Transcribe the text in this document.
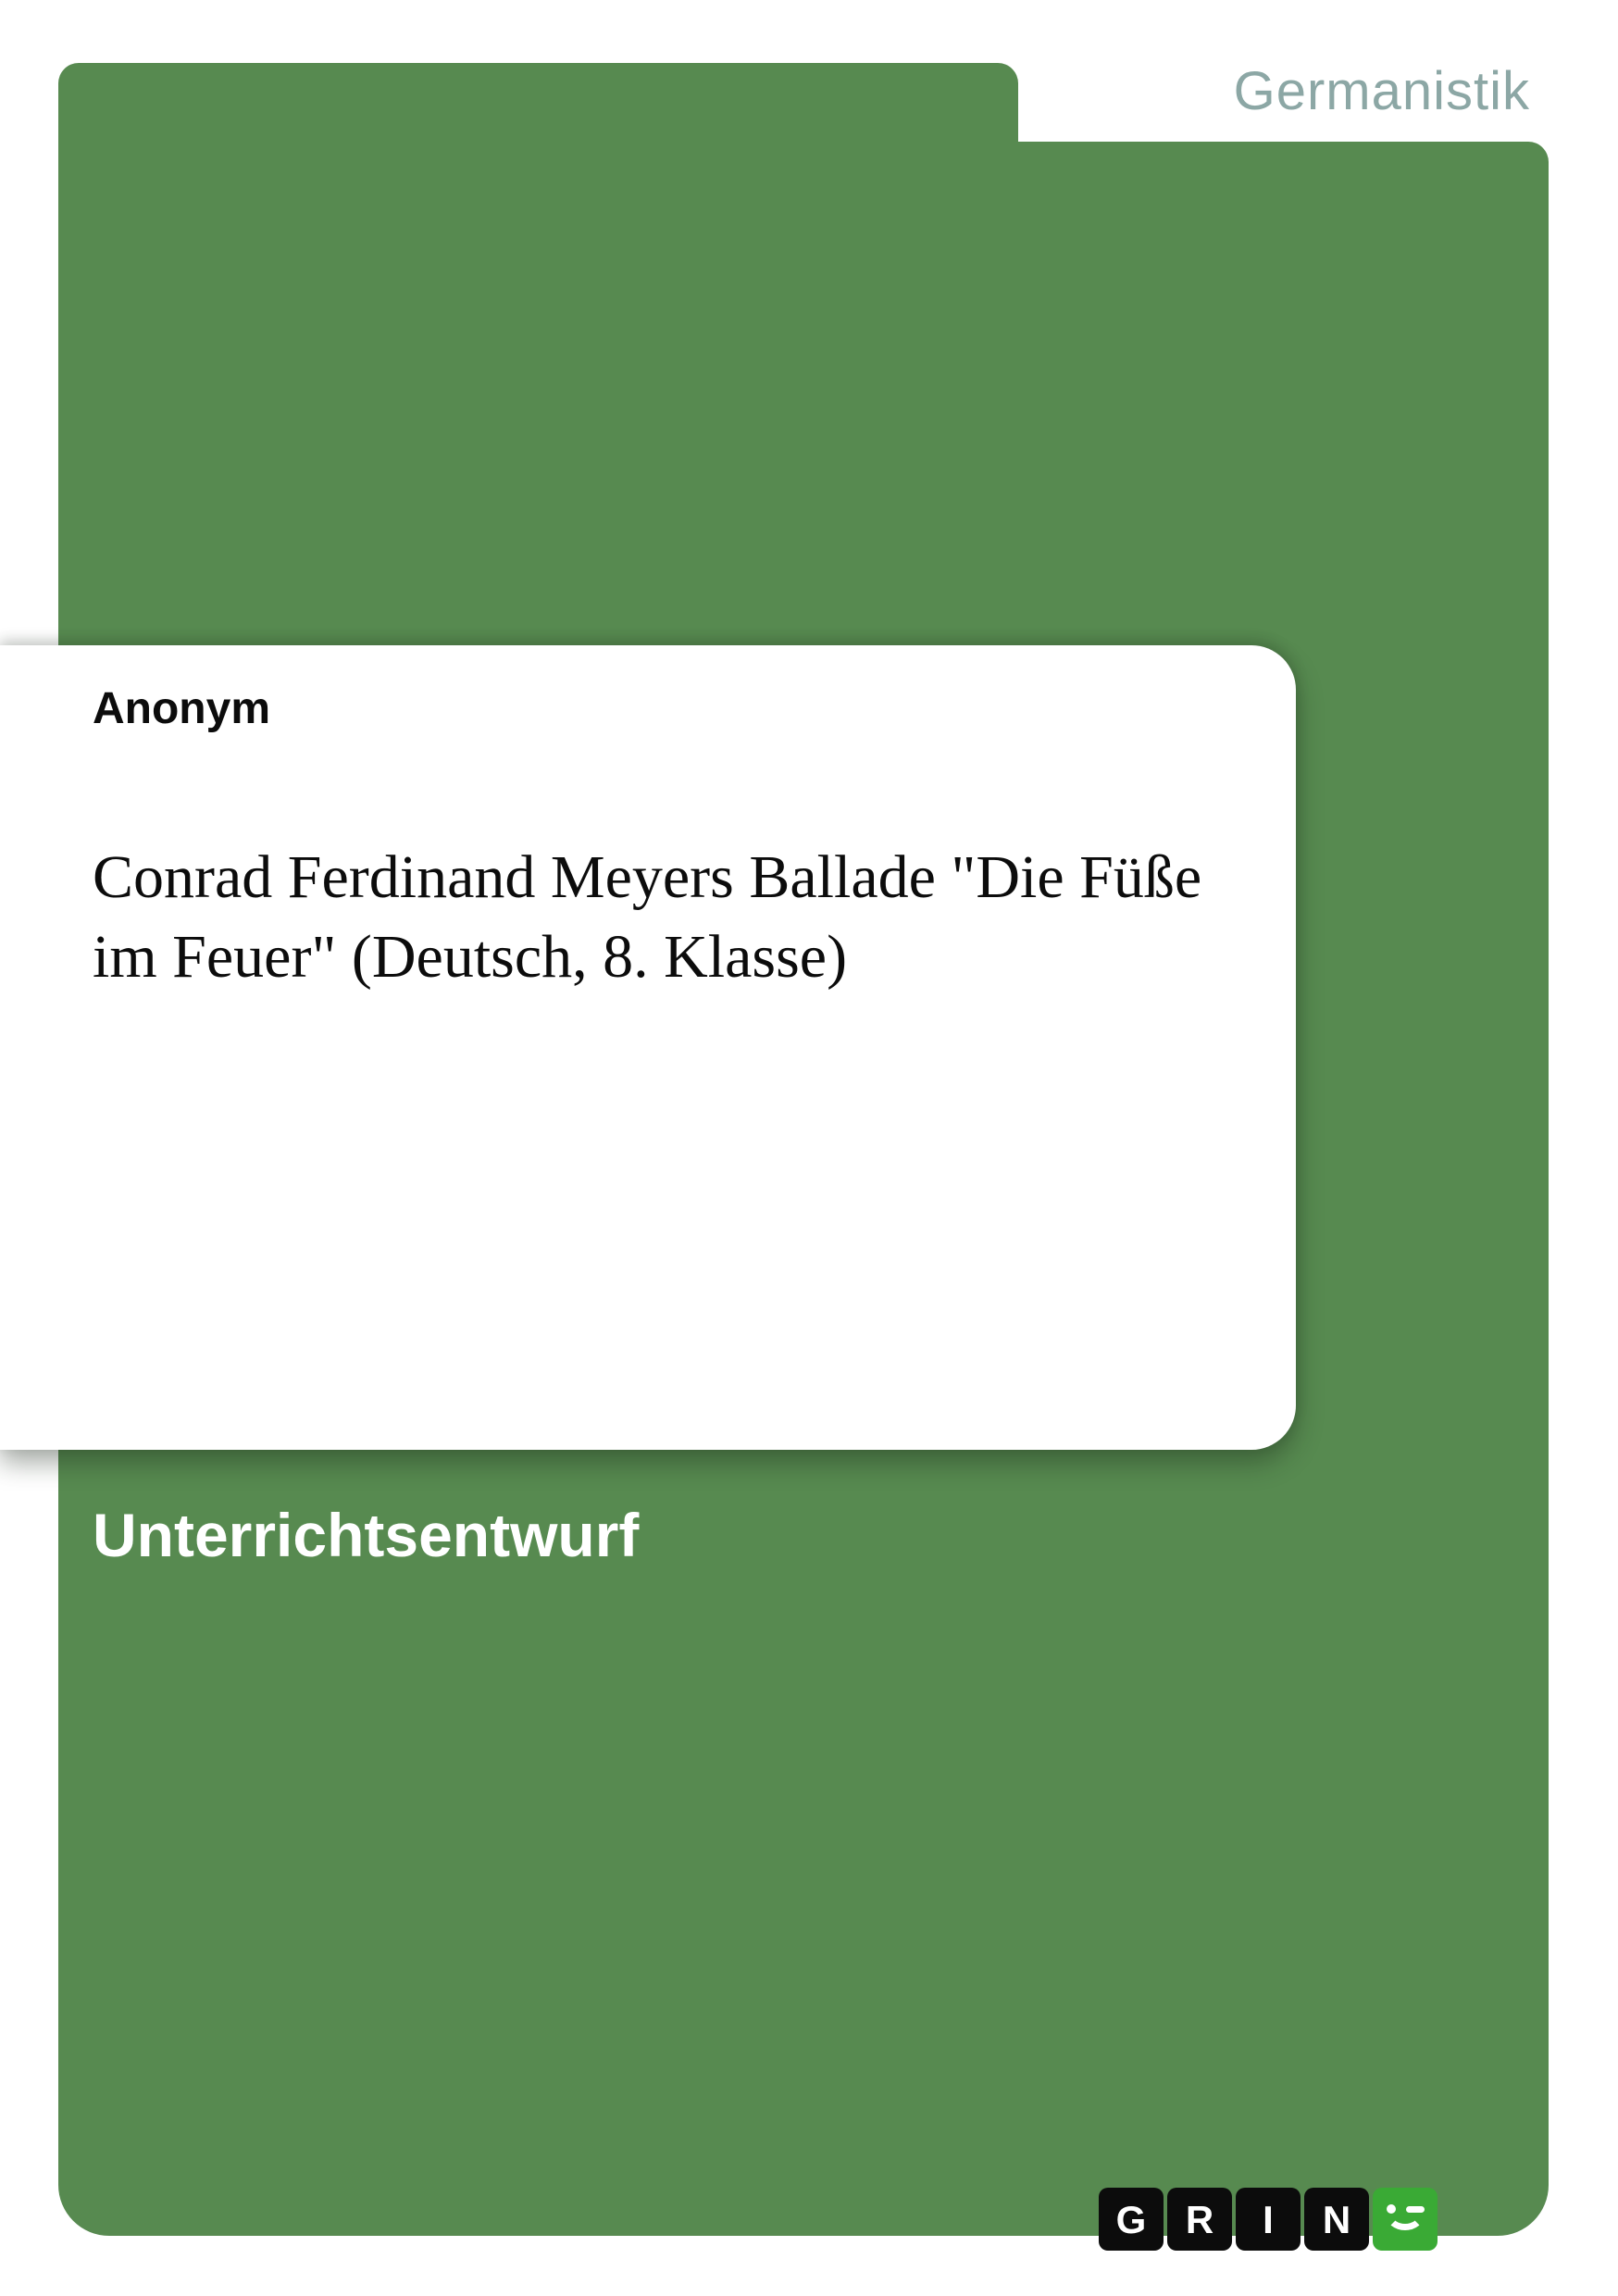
Germanistik
Anonym
Conrad Ferdinand Meyers Ballade "Die Füße
im Feuer" (Deutsch, 8. Klasse)
Unterrichtsentwurf
G R I N
